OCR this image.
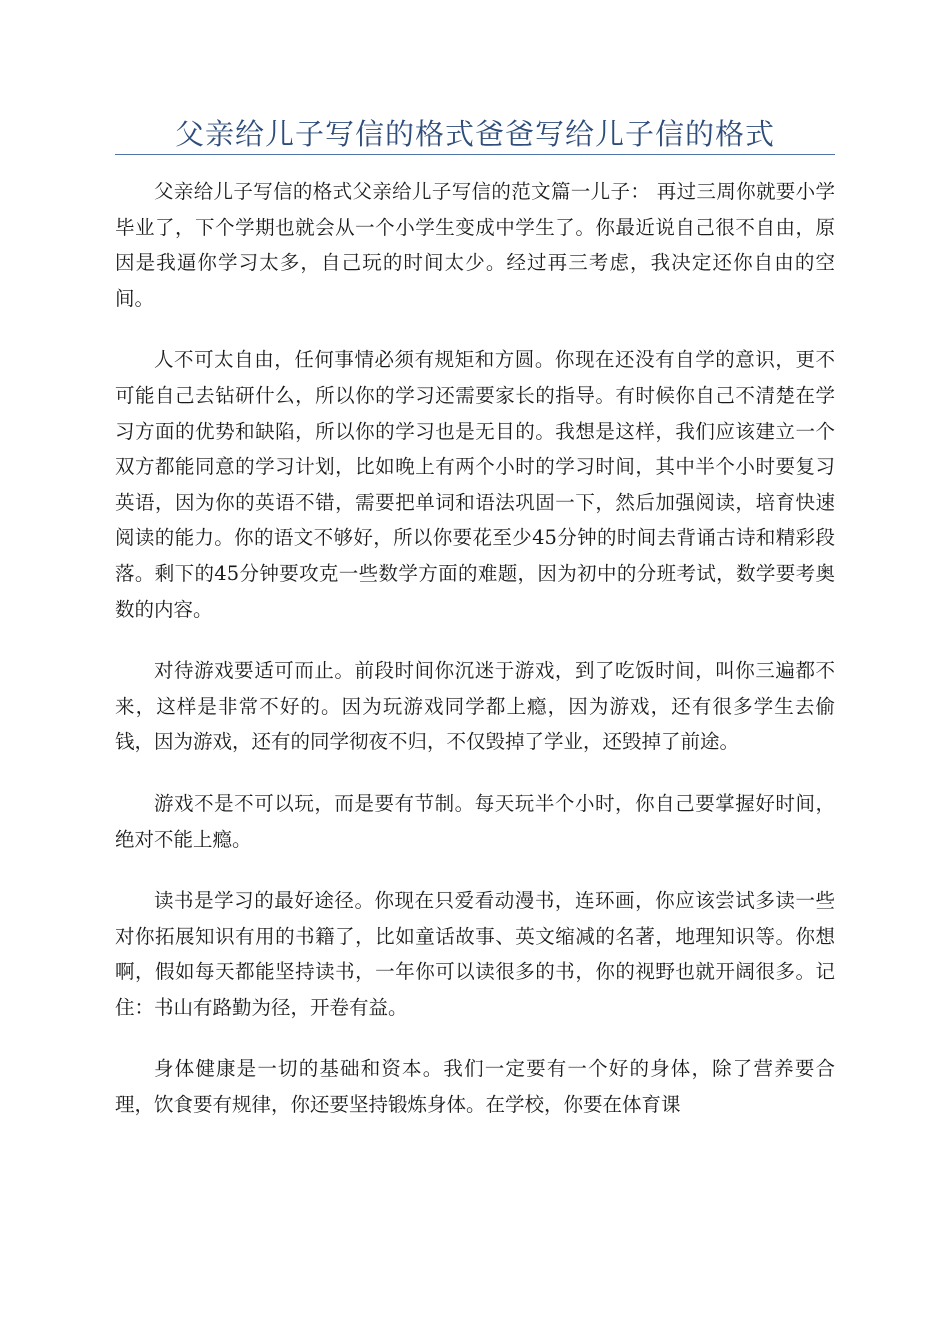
父亲给儿子写信的格式爸爸写给儿子信的格式

父亲给儿子写信的格式父亲给儿子写信的范文篇一儿子： 再过三周你就要小学毕业了，下个学期也就会从一个小学生变成中学生了。你最近说自己很不自由，原因是我逼你学习太多，自己玩的时间太少。经过再三考虑，我决定还你自由的空间。

人不可太自由，任何事情必须有规矩和方圆。你现在还没有自学的意识，更不可能自己去钻研什么，所以你的学习还需要家长的指导。有时候你自己不清楚在学习方面的优势和缺陷，所以你的学习也是无目的。我想是这样，我们应该建立一个双方都能同意的学习计划，比如晚上有两个小时的学习时间，其中半个小时要复习英语，因为你的英语不错，需要把单词和语法巩固一下，然后加强阅读，培育快速阅读的能力。你的语文不够好，所以你要花至少45分钟的时间去背诵古诗和精彩段落。剩下的45分钟要攻克一些数学方面的难题，因为初中的分班考试，数学要考奥数的内容。

对待游戏要适可而止。前段时间你沉迷于游戏，到了吃饭时间，叫你三遍都不来，这样是非常不好的。因为玩游戏同学都上瘾，因为游戏，还有很多学生去偷钱，因为游戏，还有的同学彻夜不归，不仅毁掉了学业，还毁掉了前途。

游戏不是不可以玩，而是要有节制。每天玩半个小时，你自己要掌握好时间，绝对不能上瘾。

读书是学习的最好途径。你现在只爱看动漫书，连环画，你应该尝试多读一些对你拓展知识有用的书籍了，比如童话故事、英文缩减的名著，地理知识等。你想啊，假如每天都能坚持读书，一年你可以读很多的书，你的视野也就开阔很多。记住：书山有路勤为径，开卷有益。

身体健康是一切的基础和资本。我们一定要有一个好的身体，除了营养要合理，饮食要有规律，你还要坚持锻炼身体。在学校，你要在体育课
